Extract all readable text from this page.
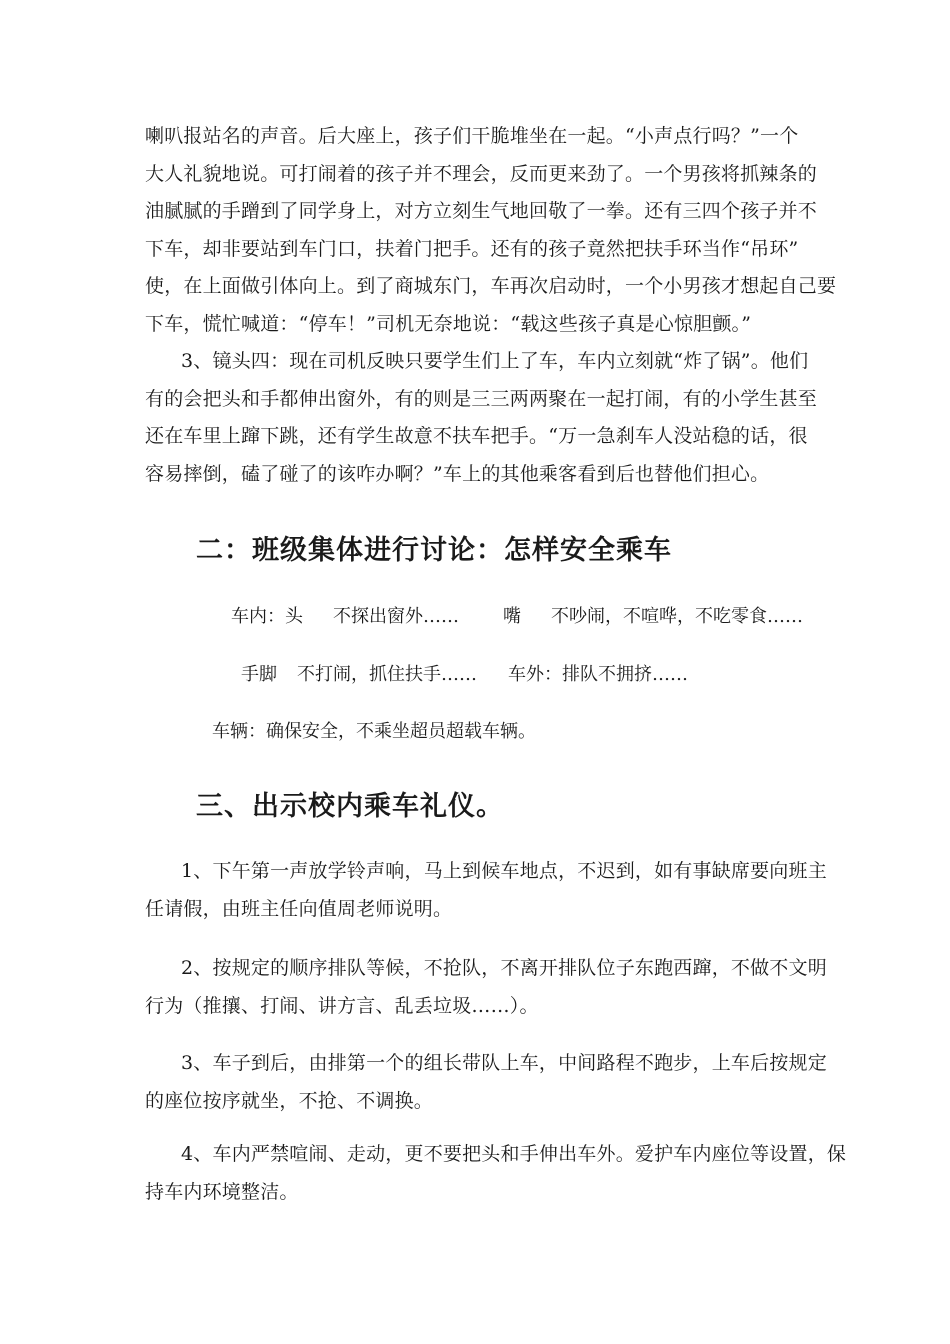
喇叭报站名的声音。后大座上，孩子们干脆堆坐在一起。“小声点行吗？”一个
大人礼貌地说。可打闹着的孩子并不理会，反而更来劲了。一个男孩将抓辣条的
油腻腻的手蹭到了同学身上，对方立刻生气地回敬了一拳。还有三四个孩子并不
下车，却非要站到车门口，扶着门把手。还有的孩子竟然把扶手环当作“吊环”
使，在上面做引体向上。到了商城东门，车再次启动时，一个小男孩才想起自己要
下车，慌忙喊道：“停车！”司机无奈地说：“载这些孩子真是心惊胆颤。”
3、镜头四：现在司机反映只要学生们上了车，车内立刻就“炸了锅”。他们
有的会把头和手都伸出窗外，有的则是三三两两聚在一起打闹，有的小学生甚至
还在车里上蹿下跳，还有学生故意不扶车把手。“万一急刹车人没站稳的话，很
容易摔倒，磕了碰了的该咋办啊？”车上的其他乘客看到后也替他们担心。
二：班级集体进行讨论：怎样安全乘车
车内：头 不探出窗外…… 嘴 不吵闹，不喧哗，不吃零食……
手脚 不打闹，抓住扶手…… 车外：排队不拥挤……
车辆：确保安全，不乘坐超员超载车辆。
三、出示校内乘车礼仪。
1、下午第一声放学铃声响，马上到候车地点，不迟到，如有事缺席要向班主
任请假，由班主任向值周老师说明。
2、按规定的顺序排队等候，不抢队，不离开排队位子东跑西蹿，不做不文明
行为（推攘、打闹、讲方言、乱丢垃圾……）。
3、车子到后，由排第一个的组长带队上车，中间路程不跑步，上车后按规定
的座位按序就坐，不抢、不调换。
4、车内严禁喧闹、走动，更不要把头和手伸出车外。爱护车内座位等设置，保
持车内环境整洁。
